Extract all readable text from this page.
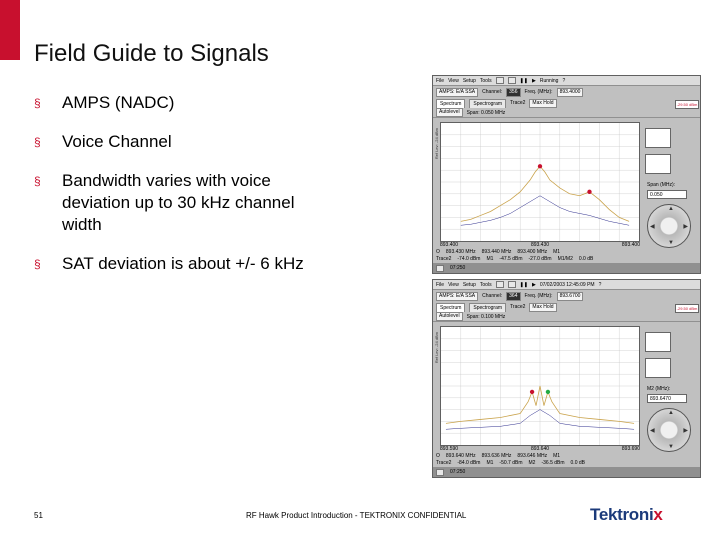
Field Guide to Signals
§ AMPS (NADC)
§ Voice Channel
§ Bandwidth varies with voice deviation up to 30 kHz channel width
§ SAT deviation is about +/- 6 kHz
File View Setup Tools	❚❚ ▶ Running ?
AMPS: E/A SSA	Channel:	356	Freq. (MHz):	893.4000
Spectrum	Spectrogram	Trace2	Max Hold
Autolevel	Span: 0.050 MHz
Ref Lev: -24 dBm
893.400	893.430	893.400
O 893.430 MHz 893.440 MHz 893.400 MHz M1
Trace2 -74.0 dBm M1 -47.5 dBm -27.0 dBm M1/M2 0.0 dB
07:250
-29.50 dBm
Span (MHz):
0.050
▲
▼
◀	▶
File View Setup Tools	❚❚ ▶ 07/02/2003 12:45:09 PM ?
AMPS: E/A SSA	Channel:	364	Freq. (MHz):	893.6700
Spectrum	Spectrogram	Trace2	Max Hold
Autolevel	Span: 0.100 MHz
Ref Lev: -24 dBm
893.590	893.640	893.690
O 893.640 MHz 893.636 MHz 893.646 MHz M1
Trace2 -84.0 dBm M1 -50.7 dBm M2 -36.5 dBm 0.0 dB
07:250
-29.50 dBm
M2 (MHz):
893.6470
▲
▼
◀	▶
51	RF Hawk Product Introduction - TEKTRONIX CONFIDENTIAL	Tektronix
